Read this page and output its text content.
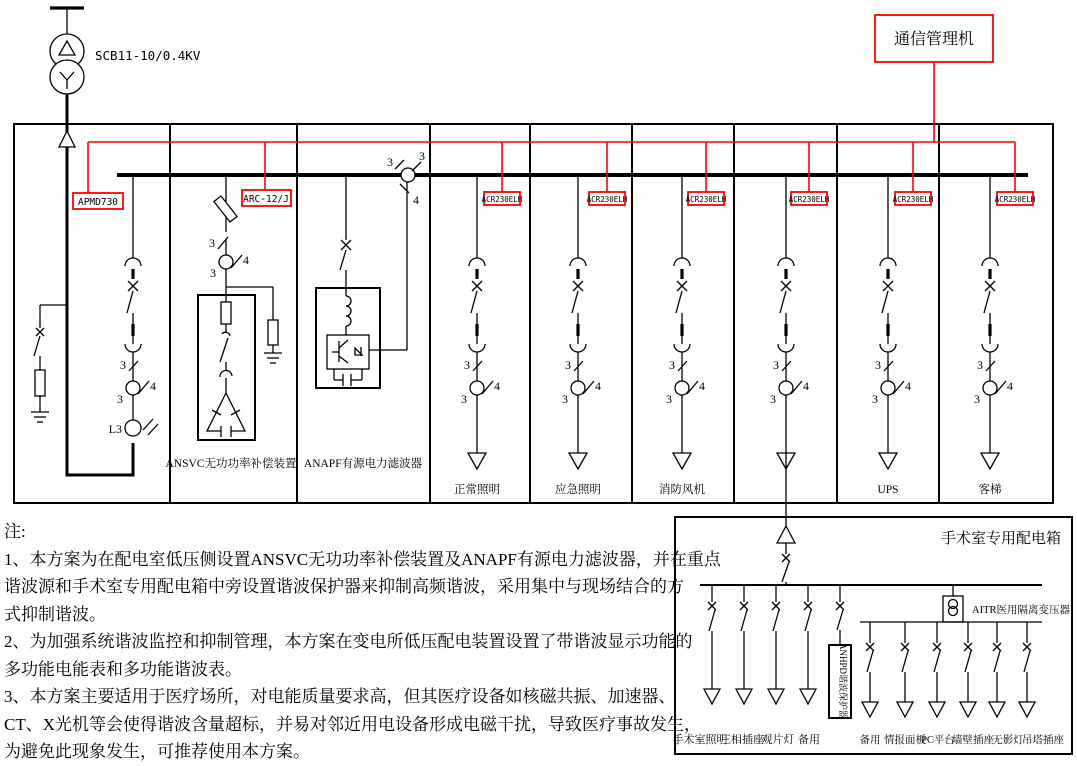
4
SCB11-10/0.4KV
3
3
4
L3
3
3
4
ANSVC无功功率补偿装置
3 3
4
ANAPF有源电力滤波器
正常照明	应急照明	消防风机	UPS	客梯
通信管理机
APMD730	ARC-12/J	ACR230ELH	ACR230ELH	ACR230ELH	ACR230ELH	ACR230ELH	ACR230ELH
手术室专用配电箱
手术室照明
三相插座
观片灯 备用
ANHPD谐波保护器
AITR医用隔离变压器
备用 情报面板
PC平台
墙壁插座
无影灯
吊塔插座
注:
1、本方案为在配电室低压侧设置ANSVC无功功率补偿装置及ANAPF有源电力滤波器，并在重点
谐波源和手术室专用配电箱中旁设置谐波保护器来抑制高频谐波，采用集中与现场结合的方
式抑制谐波。
2、为加强系统谐波监控和抑制管理，本方案在变电所低压配电装置设置了带谐波显示功能的
多功能电能表和多功能谐波表。
3、本方案主要适用于医疗场所，对电能质量要求高，但其医疗设备如核磁共振、加速器、
CT、X光机等会使得谐波含量超标，并易对邻近用电设备形成电磁干扰，导致医疗事故发生，
为避免此现象发生，可推荐使用本方案。
